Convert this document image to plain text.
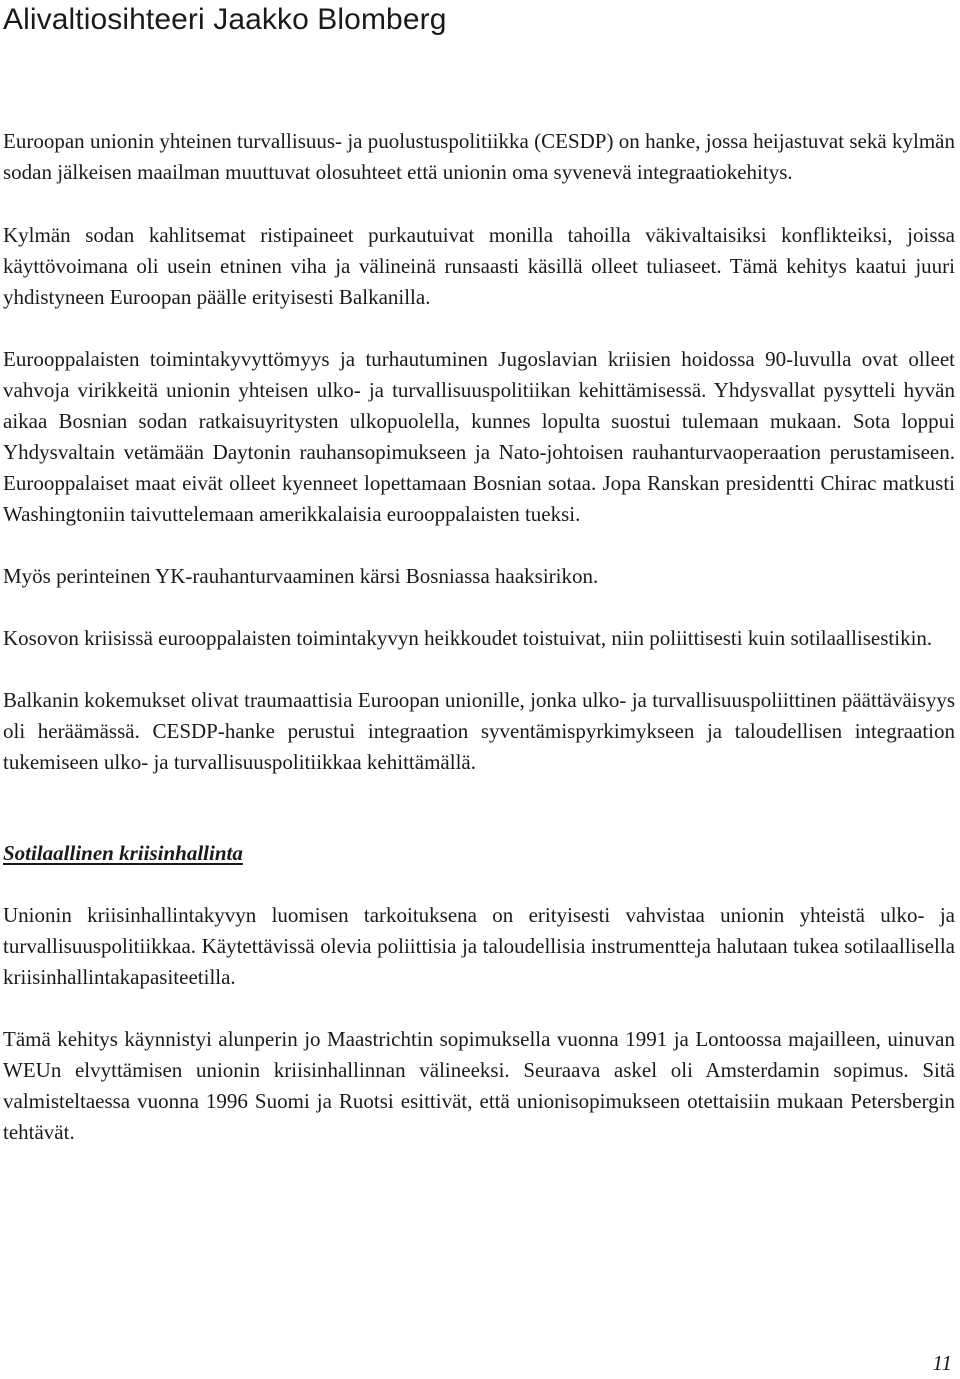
Alivaltiosihteeri Jaakko Blomberg

Euroopan unionin yhteinen turvallisuus- ja puolustuspolitiikka (CESDP) on hanke, jossa heijastuvat sekä kylmän sodan jälkeisen maailman muuttuvat olosuhteet että unionin oma syvenevä integraatiokehitys.

Kylmän sodan kahlitsemat ristipaineet purkautuivat monilla tahoilla väkivaltaisiksi konflikteiksi, joissa käyttövoimana oli usein etninen viha ja välineinä runsaasti käsillä olleet tuliaseet. Tämä kehitys kaatui juuri yhdistyneen Euroopan päälle erityisesti Balkanilla.

Eurooppalaisten toimintakyvyttömyys ja turhautuminen Jugoslavian kriisien hoidossa 90-luvulla ovat olleet vahvoja virikkeitä unionin yhteisen ulko- ja turvallisuuspolitiikan kehittämisessä. Yhdysvallat pysytteli hyvän aikaa Bosnian sodan ratkaisuyritysten ulkopuolella, kunnes lopulta suostui tulemaan mukaan. Sota loppui Yhdysvaltain vetämään Daytonin rauhansopimukseen ja Nato-johtoisen rauhanturvaoperaation perustamiseen. Eurooppalaiset maat eivät olleet kyenneet lopettamaan Bosnian sotaa. Jopa Ranskan presidentti Chirac matkusti Washingtoniin taivuttelemaan amerikkalaisia eurooppalaisten tueksi.

Myös perinteinen YK-rauhanturvaaminen kärsi Bosniassa haaksirikon.

Kosovon kriisissä eurooppalaisten toimintakyvyn heikkoudet toistuivat, niin poliittisesti kuin sotilaallisestikin.

Balkanin kokemukset olivat traumaattisia Euroopan unionille, jonka ulko- ja turvallisuuspoliittinen päättäväisyys oli heräämässä. CESDP-hanke perustui integraation syventämispyrkimykseen ja taloudellisen integraation tukemiseen ulko- ja turvallisuuspolitiikkaa kehittämällä.

Sotilaallinen kriisinhallinta

Unionin kriisinhallintakyvyn luomisen tarkoituksena on erityisesti vahvistaa unionin yhteistä ulko- ja turvallisuuspolitiikkaa. Käytettävissä olevia poliittisia ja taloudellisia instrumentteja halutaan tukea sotilaallisella kriisinhallintakapasiteetilla.

Tämä kehitys käynnistyi alunperin jo Maastrichtin sopimuksella vuonna 1991 ja Lontoossa majailleen, uinuvan WEUn elvyttämisen unionin kriisinhallinnan välineeksi. Seuraava askel oli Amsterdamin sopimus. Sitä valmisteltaessa vuonna 1996 Suomi ja Ruotsi esittivät, että unionisopimukseen otettaisiin mukaan Petersbergin tehtävät.

11
